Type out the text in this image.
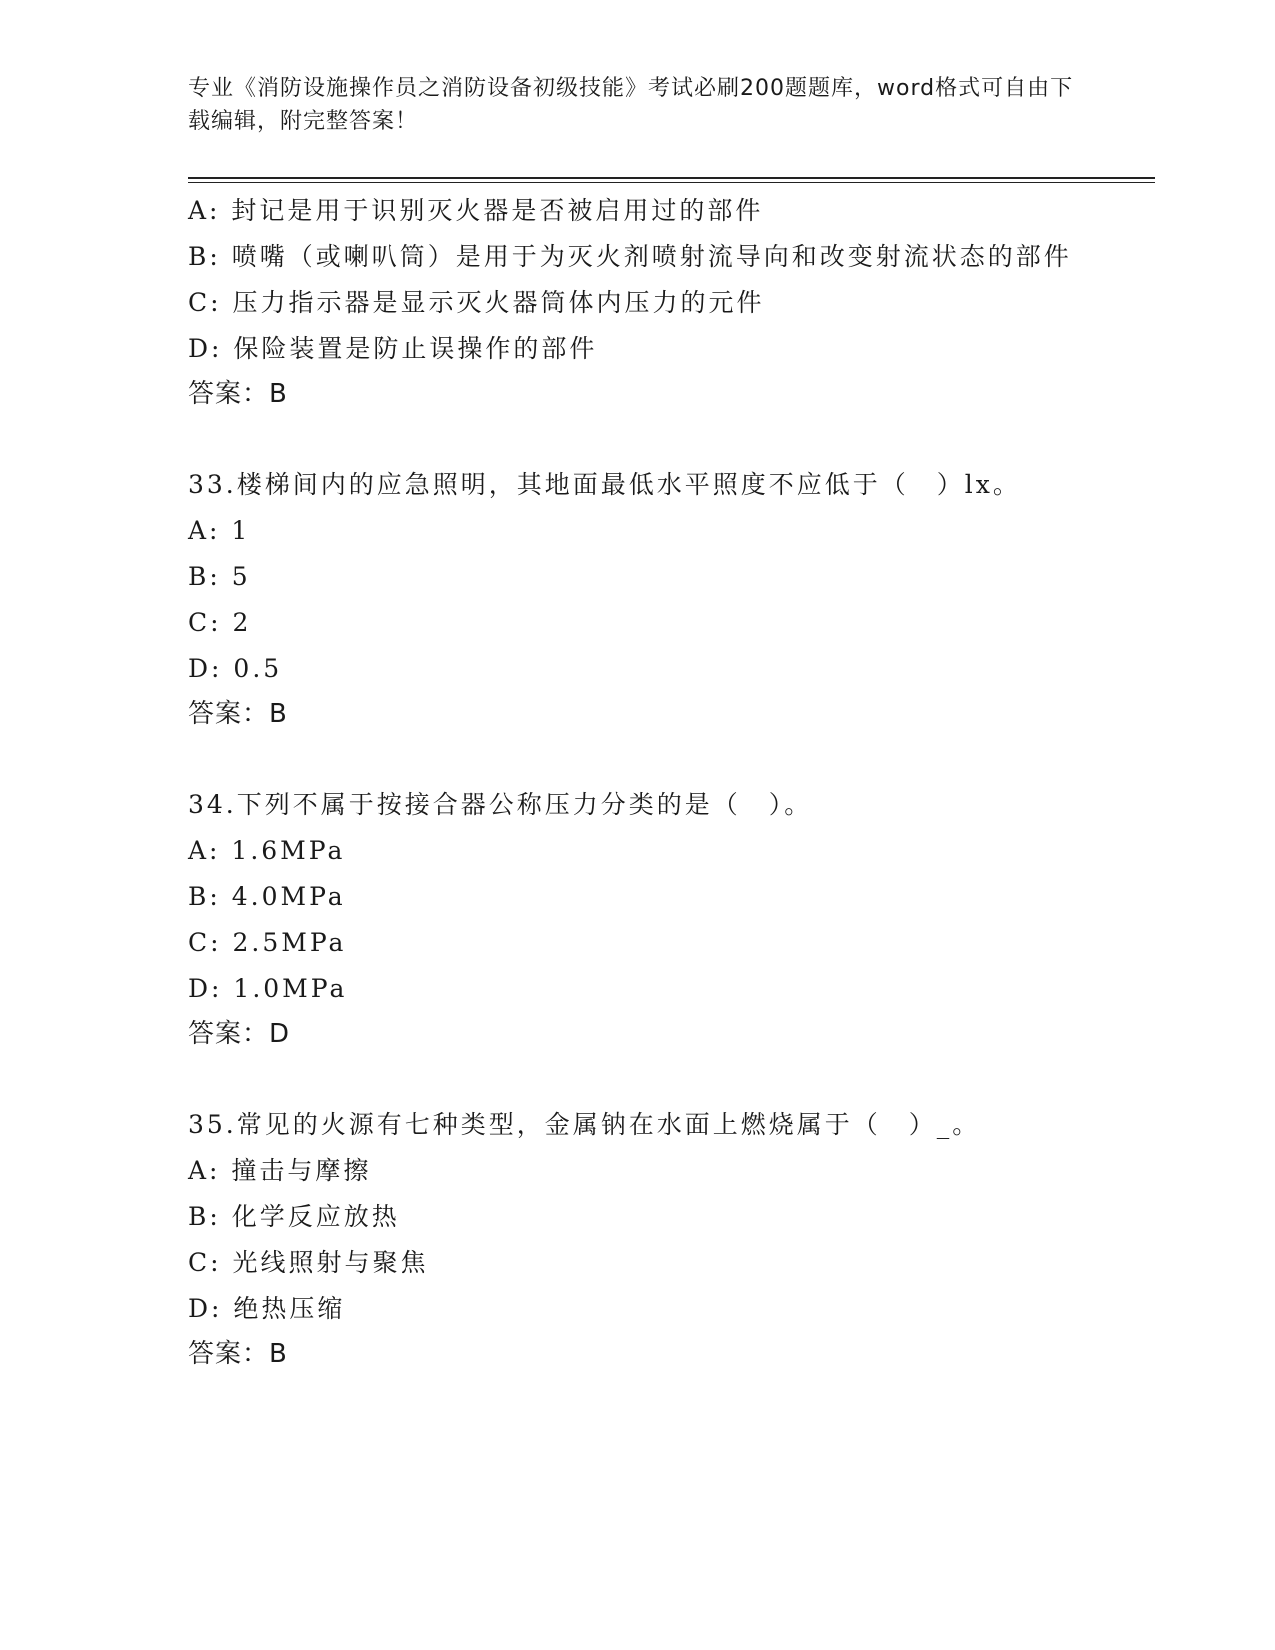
专业《消防设施操作员之消防设备初级技能》考试必刷200题题库，word格式可自由下载编辑，附完整答案！
A: 封记是用于识别灭火器是否被启用过的部件
B: 喷嘴（或喇叭筒）是用于为灭火剂喷射流导向和改变射流状态的部件
C: 压力指示器是显示灭火器筒体内压力的元件
D: 保险装置是防止误操作的部件
答案：B
33.楼梯间内的应急照明，其地面最低水平照度不应低于（　）lx。
A: 1
B: 5
C: 2
D: 0.5
答案：B
34.下列不属于按接合器公称压力分类的是（　）。
A: 1.6MPa
B: 4.0MPa
C: 2.5MPa
D: 1.0MPa
答案：D
35.常见的火源有七种类型，金属钠在水面上燃烧属于（　）_。
A: 撞击与摩擦
B: 化学反应放热
C: 光线照射与聚焦
D: 绝热压缩
答案：B
